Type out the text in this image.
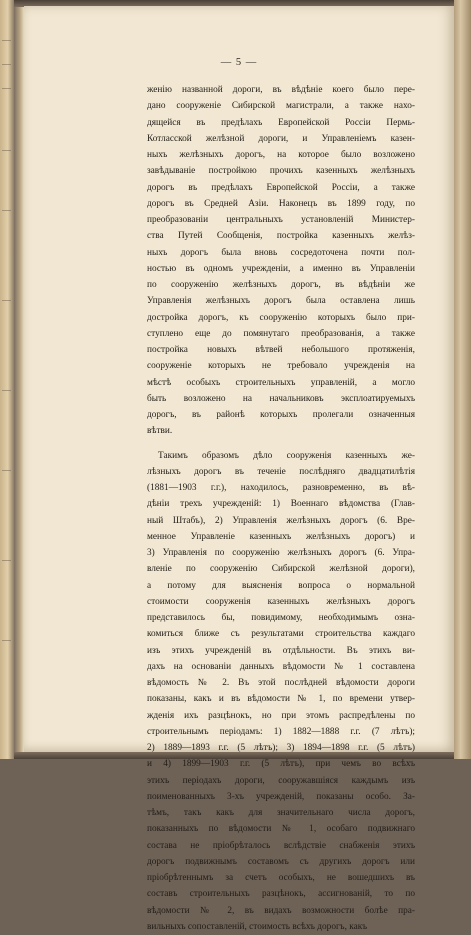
— 5 —
женію названной дороги, въ вѣдѣніе коего было пере-
дано сооруженіе Сибирской магистрали, а также нахо-
дящейся въ предѣлахъ Европейской Россіи Пермь-
Котласской желѣзной дороги, и Управленіемъ казен-
ныхъ желѣзныхъ дорогъ, на которое было возложено
завѣдываніе постройкою прочихъ казенныхъ желѣзныхъ
дорогъ въ предѣлахъ Европейской Россіи, а также
дорогъ въ Средней Азіи. Наконецъ въ 1899 году, по
преобразованіи центральныхъ установленій Министер-
ства Путей Сообщенія, постройка казенныхъ желѣз-
ныхъ дорогъ была вновь сосредоточена почти пол-
ностью въ одномъ учрежденіи, а именно въ Управленіи
по сооруженію желѣзныхъ дорогъ, въ вѣдѣніи же
Управленія желѣзныхъ дорогъ была оставлена лишь
достройка дорогъ, къ сооруженію которыхъ было при-
ступлено еще до помянутаго преобразованія, а также
постройка новыхъ вѣтвей небольшого протяженія,
сооруженіе которыхъ не требовало учрежденія на
мѣстѣ особыхъ строительныхъ управленій, а могло
быть возложено на начальниковъ эксплоатируемыхъ
дорогъ, въ районѣ которыхъ пролегали означенныя
вѣтви.
Такимъ образомъ дѣло сооруженія казенныхъ же-
лѣзныхъ дорогъ въ теченіе послѣдняго двадцатилѣтія
(1881—1903 г.г.), находилось, разновременно, въ вѣ-
дѣніи трехъ учрежденій: 1) Военнаго вѣдомства (Глав-
ный Штабъ), 2) Управленія желѣзныхъ дорогъ (6. Вре-
менное Управленіе казенныхъ желѣзныхъ дорогъ) и
3) Управленія по сооруженію желѣзныхъ дорогъ (6. Упра-
вленіе по сооруженію Сибирской желѣзной дороги),
а потому для выясненія вопроса о нормальной
стоимости сооруженія казенныхъ желѣзныхъ дорогъ
представилось бы, повидимому, необходимымъ озна-
комиться ближе съ результатами строительства каждаго
изъ этихъ учрежденій въ отдѣльности. Въ этихъ ви-
дахъ на основаніи данныхъ вѣдомости № 1 составлена
вѣдомость № 2. Въ этой послѣдней вѣдомости дороги
показаны, какъ и въ вѣдомости № 1, по времени утвер-
жденія ихъ разцѣнокъ, но при этомъ распредѣлены по
строительнымъ періодамъ: 1) 1882—1888 г.г. (7 лѣтъ);
2) 1889—1893 г.г. (5 лѣтъ); 3) 1894—1898 г.г. (5 лѣтъ)
и 4) 1899—1903 г.г. (5 лѣтъ), при чемъ во всѣхъ
этихъ періодахъ дороги, сооружавшіяся каждымъ изъ
поименованныхъ 3-хъ учрежденій, показаны особо. За-
тѣмъ, такъ какъ для значительнаго числа дорогъ,
показанныхъ по вѣдомости № 1, особаго подвижнаго
состава не пріобрѣталось вслѣдствіе снабженія этихъ
дорогъ подвижнымъ составомъ съ другихъ дорогъ или
пріобрѣтеннымъ за счетъ особыхъ, не вошедшихъ въ
составъ строительныхъ разцѣнокъ, ассигнованій, то по
вѣдомости № 2, въ видахъ возможности болѣе пра-
вильныхъ сопоставленій, стоимость всѣхъ дорогъ, какъ
